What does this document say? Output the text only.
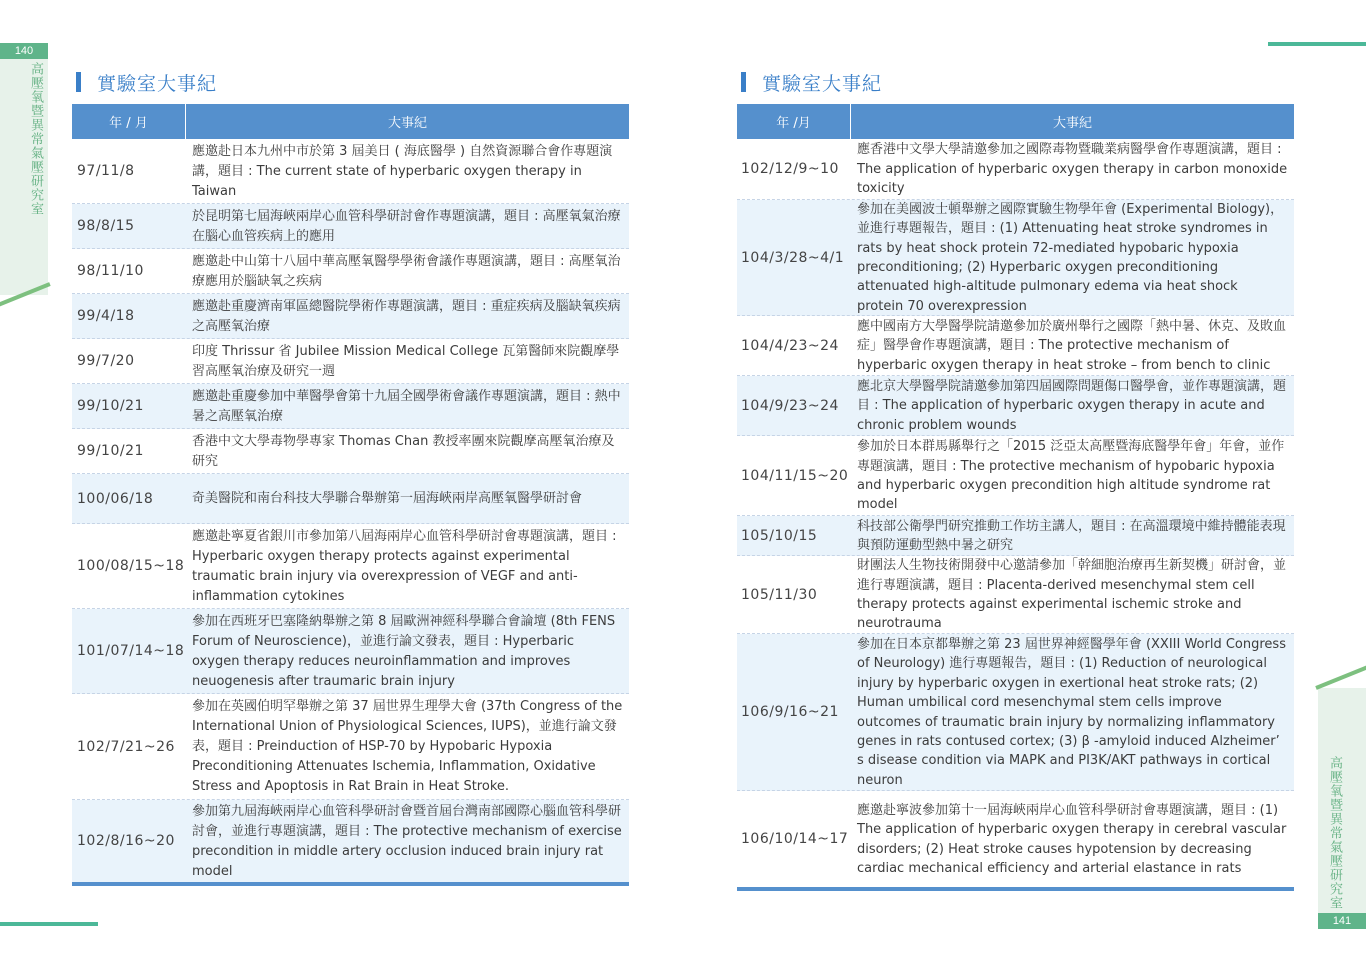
140
高壓氧暨異常氣壓研究室
高壓氧暨異常氣壓研究室
141
實驗室大事紀	實驗室大事紀
年 / 月	大事紀
97/11/8
應邀赴日本九州中市於第 3 屆美日 ( 海底醫學 ) 自然資源聯合會作專題演講，題目 : The current state of hyperbaric oxygen therapy in Taiwan
98/8/15
於昆明第七屆海峽兩岸心血管科學研討會作專題演講，題目 : 高壓氧氣治療在腦心血管疾病上的應用
98/11/10
應邀赴中山第十八屆中華高壓氧醫學學術會議作專題演講，題目 : 高壓氧治療應用於腦缺氧之疾病
99/4/18
應邀赴重慶濟南軍區總醫院學術作專題演講，題目 : 重症疾病及腦缺氧疾病之高壓氧治療
99/7/20
印度 Thrissur 省 Jubilee Mission Medical College 瓦第醫師來院觀摩學習高壓氧治療及研究一週
99/10/21
應邀赴重慶參加中華醫學會第十九屆全國學術會議作專題演講，題目 : 熱中暑之高壓氧治療
99/10/21
香港中文大學毒物學專家 Thomas Chan 教授率團來院觀摩高壓氧治療及研究
100/06/18	奇美醫院和南台科技大學聯合舉辦第一屆海峽兩岸高壓氧醫學研討會
100/08/15~18
應邀赴寧夏省銀川市參加第八屆海兩岸心血管科學研討會專題演講，題目 : Hyperbaric oxygen therapy protects against experimental traumatic brain injury via overexpression of VEGF and anti-inflammation cytokines
101/07/14~18
參加在西班牙巴塞隆納舉辦之第 8 屆歐洲神經科學聯合會論壇 (8th FENS Forum of Neuroscience)，並進行論文發表，題目 : Hyperbaric oxygen therapy reduces neuroinflammation and improves neuogenesis after traumaric brain injury
102/7/21~26
參加在英國伯明罕舉辦之第 37 屆世界生理學大會 (37th Congress of the International Union of Physiological Sciences, IUPS)，並進行論文發表，題目 : Preinduction of HSP-70 by Hypobaric Hypoxia Preconditioning Attenuates Ischemia, Inflammation, Oxidative Stress and Apoptosis in Rat Brain in Heat Stroke.
102/8/16~20
參加第九屆海峽兩岸心血管科學研討會暨首屆台灣南部國際心腦血管科學研討會，並進行專題演講，題目 : The protective mechanism of exercise precondition in middle artery occlusion induced brain injury rat model
年 /月	大事紀
102/12/9~10
應香港中文學大學請邀參加之國際毒物暨職業病醫學會作專題演講，題目 : The application of hyperbaric oxygen therapy in carbon monoxide toxicity
104/3/28~4/1
參加在美國波士頓舉辦之國際實驗生物學年會 (Experimental Biology)，並進行專題報告，題目 : (1) Attenuating heat stroke syndromes in rats by heat shock protein 72-mediated hypobaric hypoxia preconditioning; (2) Hyperbaric oxygen preconditioning attenuated high-altitude pulmonary edema via heat shock protein 70 overexpression
104/4/23~24
應中國南方大學醫學院請邀參加於廣州舉行之國際「熱中暑、休克、及敗血症」醫學會作專題演講，題目 : The protective mechanism of hyperbaric oxygen therapy in heat stroke – from bench to clinic
104/9/23~24
應北京大學醫學院請邀參加第四屆國際問題傷口醫學會，並作專題演講，題目 : The application of hyperbaric oxygen therapy in acute and chronic problem wounds
104/11/15~20
參加於日本群馬縣舉行之「2015 泛亞太高壓暨海底醫學年會」年會，並作專題演講，題目 : The protective mechanism of hypobaric hypoxia and hyperbaric oxygen precondition high altitude syndrome rat model
105/10/15
科技部公衛學門研究推動工作坊主講人，題目 : 在高溫環境中維持體能表現與預防運動型熱中暑之研究
105/11/30
財團法人生物技術開發中心邀請參加「幹細胞治療再生新契機」研討會，並進行專題演講，題目 : Placenta-derived mesenchymal stem cell therapy protects against experimental ischemic stroke and neurotrauma
106/9/16~21
參加在日本京都舉辦之第 23 屆世界神經醫學年會 (XXIII World Congress of Neurology) 進行專題報告，題目 : (1) Reduction of neurological injury by hyperbaric oxygen in exertional heat stroke rats; (2) Human umbilical cord mesenchymal stem cells improve outcomes of traumatic brain injury by normalizing inflammatory genes in rats contused cortex; (3) β -amyloid induced Alzheimer’ s disease condition via MAPK and PI3K/AKT pathways in cortical neuron
106/10/14~17
應邀赴寧波參加第十一屆海峽兩岸心血管科學研討會專題演講，題目 : (1) The application of hyperbaric oxygen therapy in cerebral vascular disorders; (2) Heat stroke causes hypotension by decreasing cardiac mechanical efficiency and arterial elastance in rats
